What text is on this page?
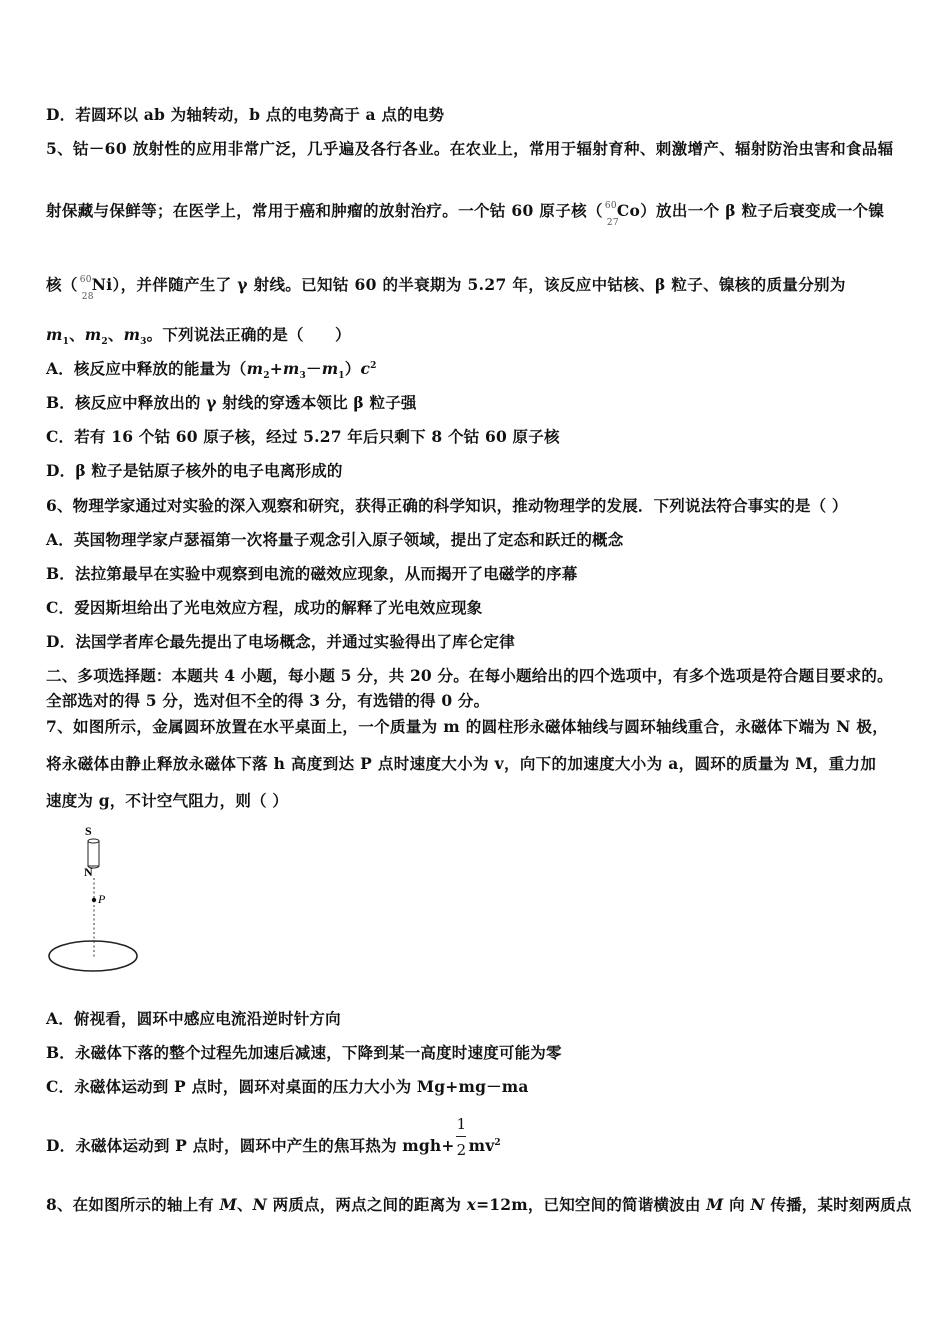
D．若圆环以 ab 为轴转动，b 点的电势高于 a 点的电势
5、钴－60 放射性的应用非常广泛，几乎遍及各行各业。在农业上，常用于辐射育种、刺激增产、辐射防治虫害和食品辐
射保藏与保鲜等；在医学上，常用于癌和肿瘤的放射治疗。一个钴 60 原子核（ 60
27
Co）放出一个 β 粒子后衰变成一个镍
核（ 60
28
Ni），并伴随产生了 γ 射线。已知钴 60 的半衰期为 5.27 年，该反应中钴核、β 粒子、镍核的质量分别为
$m_1$、$m_2$、$m_3$。下列说法正确的是（　　）
A．核反应中释放的能量为$(m_2+m_3-m_1)c^2$
B．核反应中释放出的 γ 射线的穿透本领比 β 粒子强
C．若有 16 个钴 60 原子核，经过 5.27 年后只剩下 8 个钴 60 原子核
D．β 粒子是钴原子核外的电子电离形成的
6、物理学家通过对实验的深入观察和研究，获得正确的科学知识，推动物理学的发展．下列说法符合事实的是（ ）
A．英国物理学家卢瑟福第一次将量子观念引入原子领域，提出了定态和跃迁的概念
B．法拉第最早在实验中观察到电流的磁效应现象，从而揭开了电磁学的序幕
C．爱因斯坦给出了光电效应方程，成功的解释了光电效应现象
D．法国学者库仑最先提出了电场概念，并通过实验得出了库仑定律
二、多项选择题：本题共 4 小题，每小题 5 分，共 20 分。在每小题给出的四个选项中，有多个选项是符合题目要求的。
全部选对的得 5 分，选对但不全的得 3 分，有选错的得 0 分。
7、如图所示，金属圆环放置在水平桌面上，一个质量为 m 的圆柱形永磁体轴线与圆环轴线重合，永磁体下端为 N 极，
将永磁体由静止释放永磁体下落 h 高度到达 P 点时速度大小为 v，向下的加速度大小为 a，圆环的质量为 M，重力加
速度为 g，不计空气阻力，则（ ）
S
N
P
A．俯视看，圆环中感应电流沿逆时针方向
B．永磁体下落的整个过程先加速后减速，下降到某一高度时速度可能为零
C．永磁体运动到 P 点时，圆环对桌面的压力大小为 Mg+mg－ma
D．永磁体运动到 P 点时，圆环中产生的焦耳热为 $mgh+ \frac{1}{2} mv^2$
8、在如图所示的轴上有 M、N 两质点，两点之间的距离为 x=12m，已知空间的简谐横波由 M 向 N 传播，某时刻两质点
